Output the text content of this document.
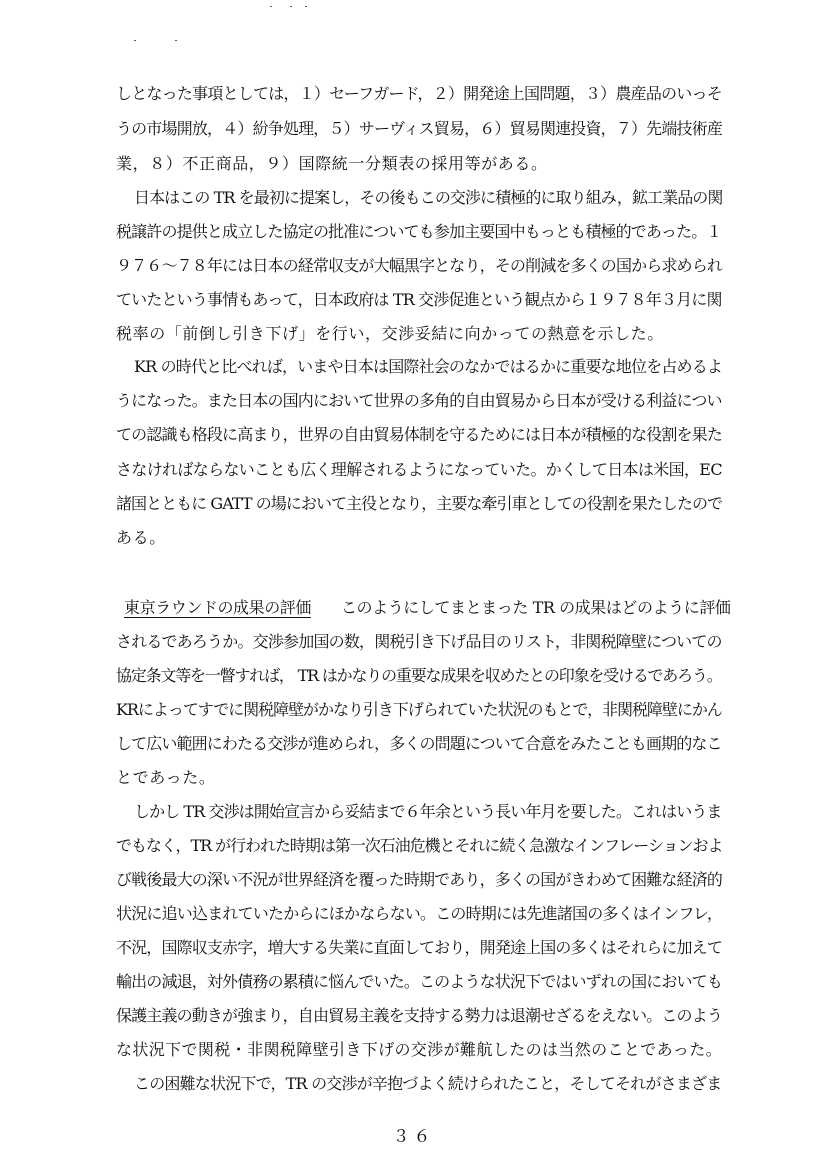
しとなった事項としては，１）セーフガード，２）開発途上国問題，３）農産品のいっそ
うの市場開放，４）紛争処理，５）サーヴィス貿易，６）貿易関連投資，７）先端技術産
業，８）不正商品，９）国際統一分類表の採用等がある。
日本はこの TR を最初に提案し，その後もこの交渉に積極的に取り組み，鉱工業品の関
税譲許の提供と成立した協定の批准についても参加主要国中もっとも積極的であった。１
９７６～７８年には日本の経常収支が大幅黒字となり，その削減を多くの国から求められ
ていたという事情もあって，日本政府は TR 交渉促進という観点から１９７８年３月に関
税率の「前倒し引き下げ」を行い，交渉妥結に向かっての熱意を示した。
KR の時代と比べれば，いまや日本は国際社会のなかではるかに重要な地位を占めるよ
うになった。また日本の国内において世界の多角的自由貿易から日本が受ける利益につい
ての認識も格段に高まり，世界の自由貿易体制を守るためには日本が積極的な役割を果た
さなければならないことも広く理解されるようになっていた。かくして日本は米国，EC
諸国とともに GATT の場において主役となり，主要な牽引車としての役割を果たしたので
ある。
東京ラウンドの成果の評価 このようにしてまとまった TR の成果はどのように評価
されるであろうか。交渉参加国の数，関税引き下げ品目のリスト，非関税障壁についての
協定条文等を一瞥すれば， TR はかなりの重要な成果を収めたとの印象を受けるであろう。
KRによってすでに関税障壁がかなり引き下げられていた状況のもとで，非関税障壁にかん
して広い範囲にわたる交渉が進められ，多くの問題について合意をみたことも画期的なこ
とであった。
しかし TR 交渉は開始宣言から妥結まで６年余という長い年月を要した。これはいうま
でもなく，TR が行われた時期は第一次石油危機とそれに続く急激なインフレーションおよ
び戦後最大の深い不況が世界経済を覆った時期であり，多くの国がきわめて困難な経済的
状況に追い込まれていたからにほかならない。この時期には先進諸国の多くはインフレ，
不況，国際収支赤字，増大する失業に直面しており，開発途上国の多くはそれらに加えて
輸出の減退，対外債務の累積に悩んでいた。このような状況下ではいずれの国においても
保護主義の動きが強まり，自由貿易主義を支持する勢力は退潮せざるをえない。このよう
な状況下で関税・非関税障壁引き下げの交渉が難航したのは当然のことであった。
この困難な状況下で，TR の交渉が辛抱づよく続けられたこと，そしてそれがさまざま
３６
